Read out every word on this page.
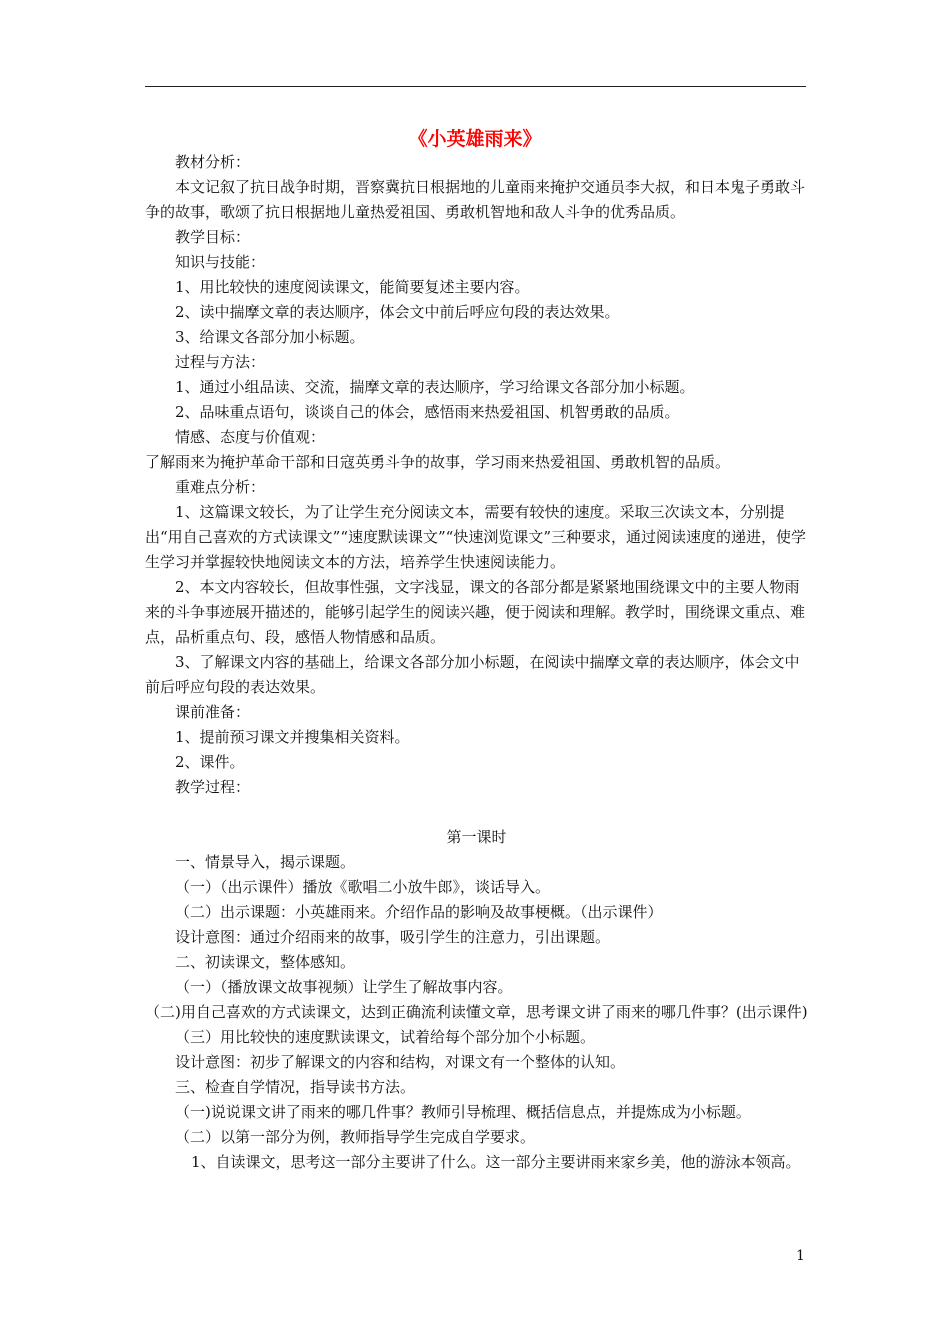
《小英雄雨来》

教材分析：

本文记叙了抗日战争时期，晋察冀抗日根据地的儿童雨来掩护交通员李大叔，和日本鬼子勇敢斗争的故事，歌颂了抗日根据地儿童热爱祖国、勇敢机智地和敌人斗争的优秀品质。

教学目标：

知识与技能：

1、用比较快的速度阅读课文，能简要复述主要内容。

2、读中揣摩文章的表达顺序，体会文中前后呼应句段的表达效果。

3、给课文各部分加小标题。

过程与方法：

1、通过小组品读、交流，揣摩文章的表达顺序，学习给课文各部分加小标题。

2、品味重点语句，谈谈自己的体会，感悟雨来热爱祖国、机智勇敢的品质。

情感、态度与价值观：

了解雨来为掩护革命干部和日寇英勇斗争的故事，学习雨来热爱祖国、勇敢机智的品质。

重难点分析：

1、这篇课文较长，为了让学生充分阅读文本，需要有较快的速度。采取三次读文本，分别提出“用自己喜欢的方式读课文”“速度默读课文”“快速浏览课文”三种要求，通过阅读速度的递进，使学生学习并掌握较快地阅读文本的方法，培养学生快速阅读能力。

2、本文内容较长，但故事性强，文字浅显，课文的各部分都是紧紧地围绕课文中的主要人物雨来的斗争事迹展开描述的，能够引起学生的阅读兴趣，便于阅读和理解。教学时，围绕课文重点、难点，品析重点句、段，感悟人物情感和品质。

3、了解课文内容的基础上，给课文各部分加小标题，在阅读中揣摩文章的表达顺序，体会文中前后呼应句段的表达效果。

课前准备：

1、提前预习课文并搜集相关资料。

2、课件。

教学过程：

第一课时

一、情景导入，揭示课题。

（一）（出示课件）播放《歌唱二小放牛郎》，谈话导入。

（二）出示课题：小英雄雨来。介绍作品的影响及故事梗概。（出示课件）

设计意图：通过介绍雨来的故事，吸引学生的注意力，引出课题。

二、初读课文，整体感知。

（一）（播放课文故事视频）让学生了解故事内容。

（二)用自己喜欢的方式读课文，达到正确流利读懂文章，思考课文讲了雨来的哪几件事？(出示课件)

（三）用比较快的速度默读课文，试着给每个部分加个小标题。

设计意图：初步了解课文的内容和结构，对课文有一个整体的认知。

三、检查自学情况，指导读书方法。

（一)说说课文讲了雨来的哪几件事？教师引导梳理、概括信息点，并提炼成为小标题。

（二）以第一部分为例，教师指导学生完成自学要求。

1、自读课文，思考这一部分主要讲了什么。这一部分主要讲雨来家乡美，他的游泳本领高。

1
